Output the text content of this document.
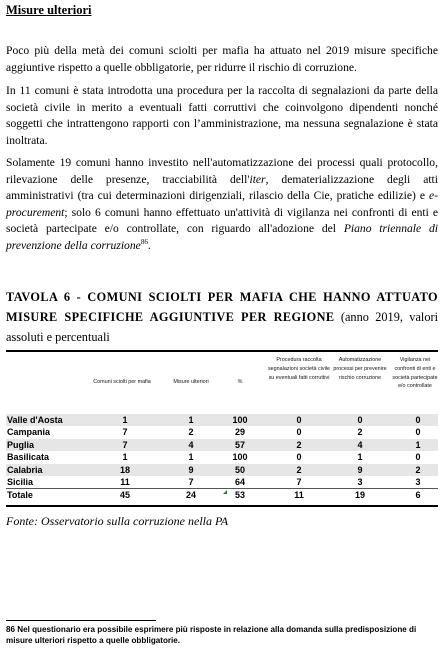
Misure ulteriori

Poco più della metà dei comuni sciolti per mafia ha attuato nel 2019 misure specifiche aggiuntive rispetto a quelle obbligatorie, per ridurre il rischio di corruzione.

In 11 comuni è stata introdotta una procedura per la raccolta di segnalazioni da parte della società civile in merito a eventuali fatti corruttivi che coinvolgono dipendenti nonché soggetti che intrattengono rapporti con l’amministrazione, ma nessuna segnalazione è stata inoltrata.

Solamente 19 comuni hanno investito nell'automatizzazione dei processi quali protocollo, rilevazione delle presenze, tracciabilità dell'iter, dematerializzazione degli atti amministrativi (tra cui determinazioni dirigenziali, rilascio della Cie, pratiche edilizie) e e-procurement; solo 6 comuni hanno effettuato un'attività di vigilanza nei confronti di enti e società partecipate e/o controllate, con riguardo all'adozione del Piano triennale di prevenzione della corruzione$^{86}$.

TAVOLA 6 - COMUNI SCIOLTI PER MAFIA CHE HANNO ATTUATO MISURE SPECIFICHE AGGIUNTIVE PER REGIONE (anno 2019, valori assoluti e percentuali
Comuni sciolti per mafia	Misure ulteriori	%
Procedura raccolta segnalazioni società civile su eventuali fatti corruttivi
Automatizzazione processi per prevenire rischio corruzione
Vigilanza nei confronti di enti e società partecipate e/o controllate
Valle d'Aosta	1	1	100	0	0	0
Campania	7	2	29	0	2	0
Puglia	7	4	57	2	4	1
Basilicata	1	1	100	0	1	0
Calabria	18	9	50	2	9	2
Sicilia	11	7	64	7	3	3
Totale	45	24	53	11	19	6
Fonte: Osservatorio sulla corruzione nella PA
86 Nel questionario era possibile esprimere più risposte in relazione alla domanda sulla predisposizione di misure ulteriori rispetto a quelle obbligatorie.
